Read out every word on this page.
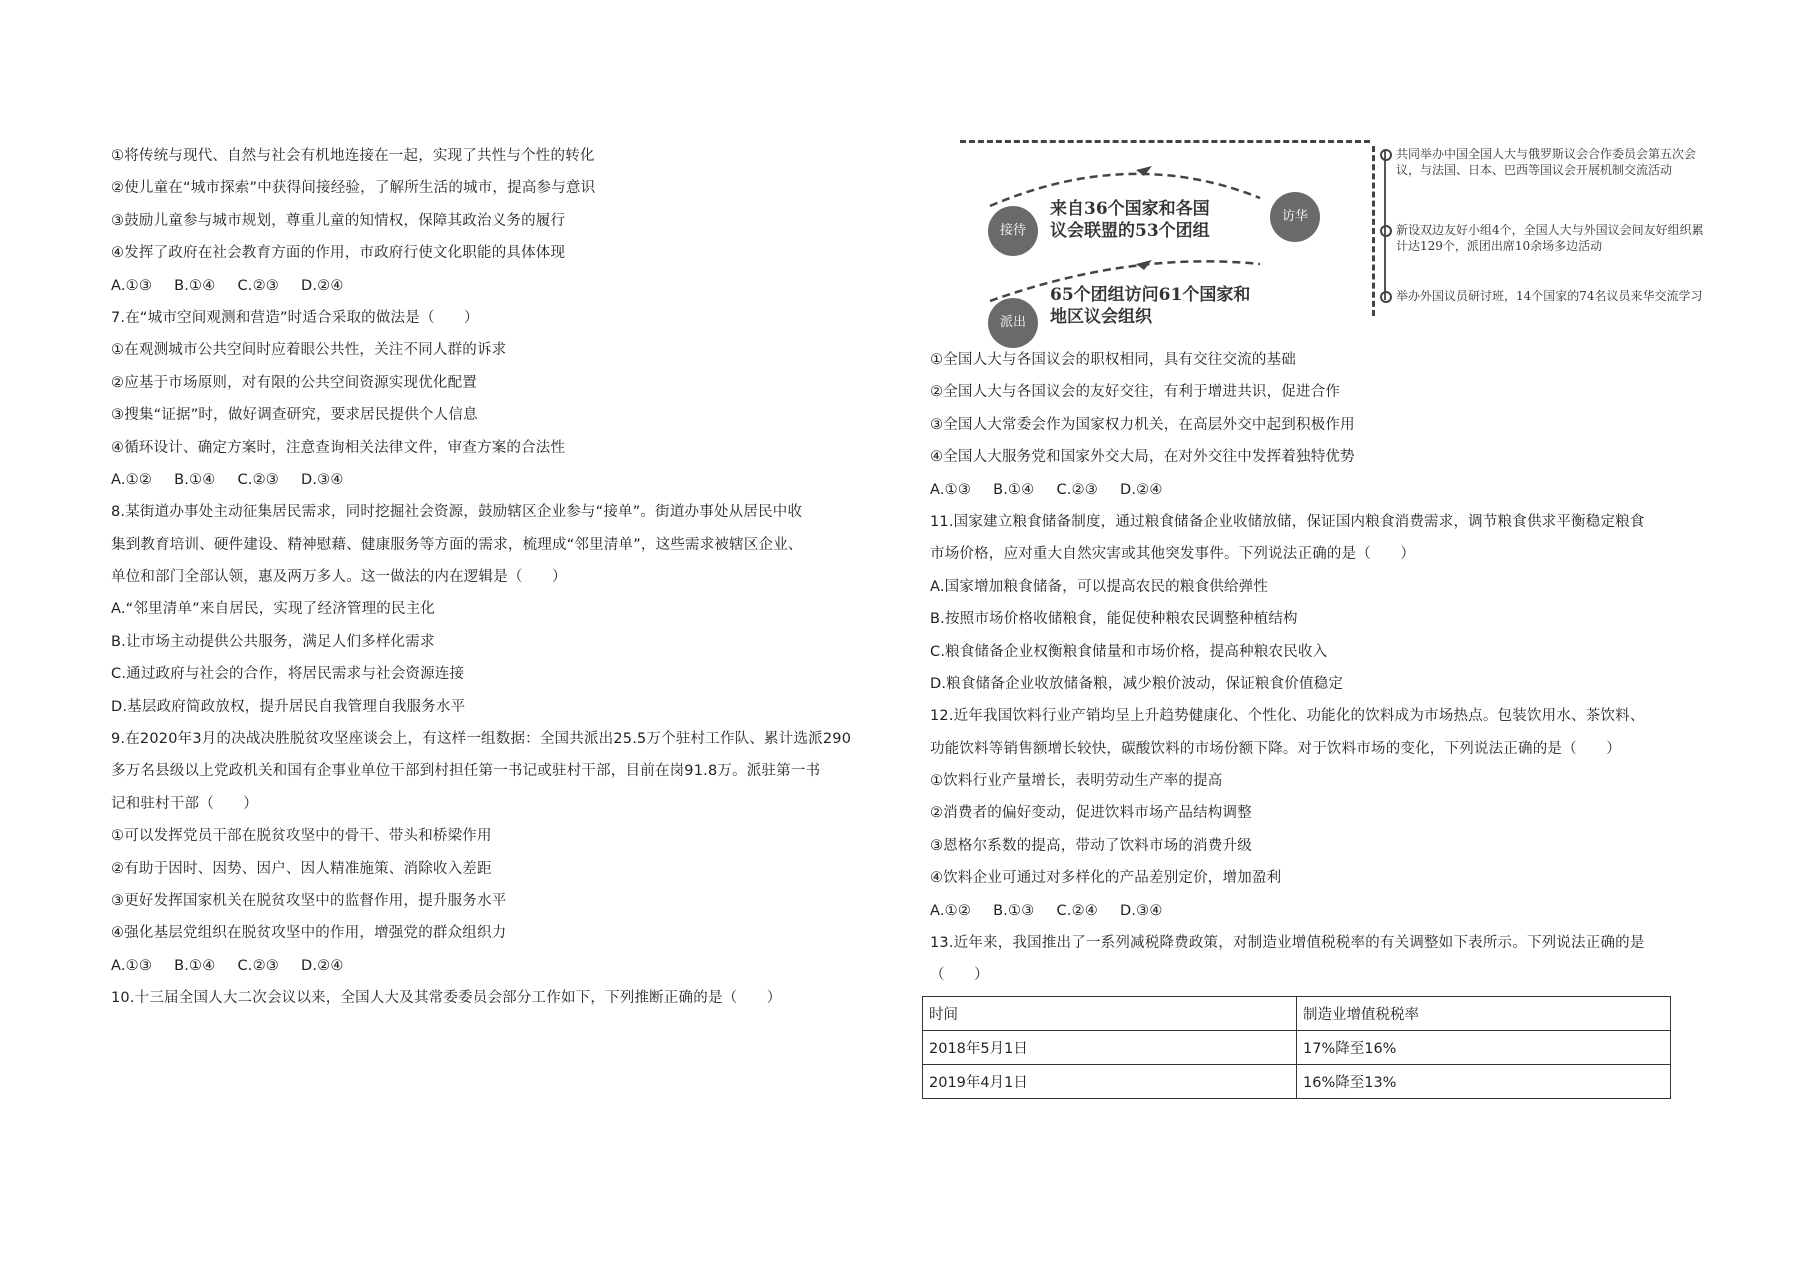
①将传统与现代、自然与社会有机地连接在一起，实现了共性与个性的转化
②使儿童在“城市探索”中获得间接经验，了解所生活的城市，提高参与意识
③鼓励儿童参与城市规划，尊重儿童的知情权，保障其政治义务的履行
④发挥了政府在社会教育方面的作用，市政府行使文化职能的具体体现
A.①③ B.①④ C.②③ D.②④
7.在“城市空间观测和营造”时适合采取的做法是（　　）
①在观测城市公共空间时应着眼公共性，关注不同人群的诉求
②应基于市场原则，对有限的公共空间资源实现优化配置
③搜集“证据”时，做好调查研究，要求居民提供个人信息
④循环设计、确定方案时，注意查询相关法律文件，审查方案的合法性
A.①② B.①④ C.②③ D.③④
8.某街道办事处主动征集居民需求，同时挖掘社会资源，鼓励辖区企业参与“接单”。街道办事处从居民中收
集到教育培训、硬件建设、精神慰藉、健康服务等方面的需求，梳理成“邻里清单”，这些需求被辖区企业、
单位和部门全部认领，惠及两万多人。这一做法的内在逻辑是（　　）
A.“邻里清单”来自居民，实现了经济管理的民主化
B.让市场主动提供公共服务，满足人们多样化需求
C.通过政府与社会的合作，将居民需求与社会资源连接
D.基层政府简政放权，提升居民自我管理自我服务水平
9.在2020年3月的决战决胜脱贫攻坚座谈会上，有这样一组数据：全国共派出25.5万个驻村工作队、累计选派290
多万名县级以上党政机关和国有企事业单位干部到村担任第一书记或驻村干部，目前在岗91.8万。派驻第一书
记和驻村干部（　　）
①可以发挥党员干部在脱贫攻坚中的骨干、带头和桥梁作用
②有助于因时、因势、因户、因人精准施策、消除收入差距
③更好发挥国家机关在脱贫攻坚中的监督作用，提升服务水平
④强化基层党组织在脱贫攻坚中的作用，增强党的群众组织力
A.①③ B.①④ C.②③ D.②④
10.十三届全国人大二次会议以来，全国人大及其常委委员会部分工作如下，下列推断正确的是（　　）
接待
访华
派出
来自36个国家和各国
议会联盟的53个团组
65个团组访问61个国家和
地区议会组织
共同举办中国全国人大与俄罗斯议会合作委员会第五次会议，与法国、日本、巴西等国议会开展机制交流活动
新设双边友好小组4个，全国人大与外国议会间友好组织累计达129个，派团出席10余场多边活动
举办外国议员研讨班，14个国家的74名议员来华交流学习
①全国人大与各国议会的职权相同，具有交往交流的基础
②全国人大与各国议会的友好交往，有利于增进共识，促进合作
③全国人大常委会作为国家权力机关，在高层外交中起到积极作用
④全国人大服务党和国家外交大局，在对外交往中发挥着独特优势
A.①③ B.①④ C.②③ D.②④
11.国家建立粮食储备制度，通过粮食储备企业收储放储，保证国内粮食消费需求，调节粮食供求平衡稳定粮食
市场价格，应对重大自然灾害或其他突发事件。下列说法正确的是（　　）
A.国家增加粮食储备，可以提高农民的粮食供给弹性
B.按照市场价格收储粮食，能促使种粮农民调整种植结构
C.粮食储备企业权衡粮食储量和市场价格，提高种粮农民收入
D.粮食储备企业收放储备粮，减少粮价波动，保证粮食价值稳定
12.近年我国饮料行业产销均呈上升趋势健康化、个性化、功能化的饮料成为市场热点。包装饮用水、茶饮料、
功能饮料等销售额增长较快，碳酸饮料的市场份额下降。对于饮料市场的变化，下列说法正确的是（　　）
①饮料行业产量增长，表明劳动生产率的提高
②消费者的偏好变动，促进饮料市场产品结构调整
③恩格尔系数的提高，带动了饮料市场的消费升级
④饮料企业可通过对多样化的产品差别定价，增加盈利
A.①② B.①③ C.②④ D.③④
13.近年来，我国推出了一系列减税降费政策，对制造业增值税税率的有关调整如下表所示。下列说法正确的是
（　　）
时间	制造业增值税税率
2018年5月1日	17%降至16%
2019年4月1日	16%降至13%
